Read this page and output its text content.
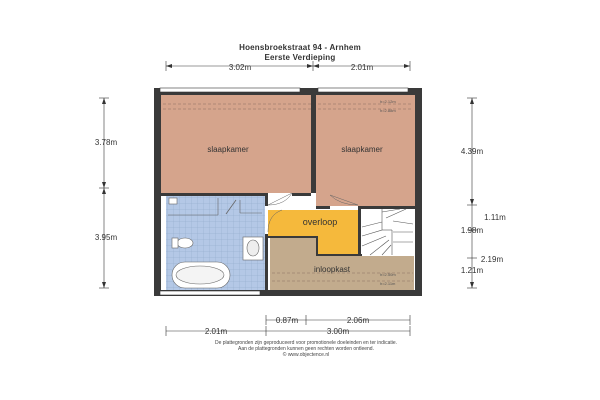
Hoensbroekstraat 94 - Arnhem
Eerste Verdieping
3.02m	2.01m
3.78m
3.95m
4.39m
1.11m
1.98m
2.19m
1.21m
0.87m	2.06m
2.01m	3.00m
slaapkamer	slaapkamer
overloop
inloopkast
h=2.12m
h=2.88m
h=2.50m
h=2.11m
De plattegronden zijn geproduceerd voor promotionele doeleinden en ter indicatie.
Aan de plattegronden kunnen geen rechten worden ontleend.
© www.objectence.nl
